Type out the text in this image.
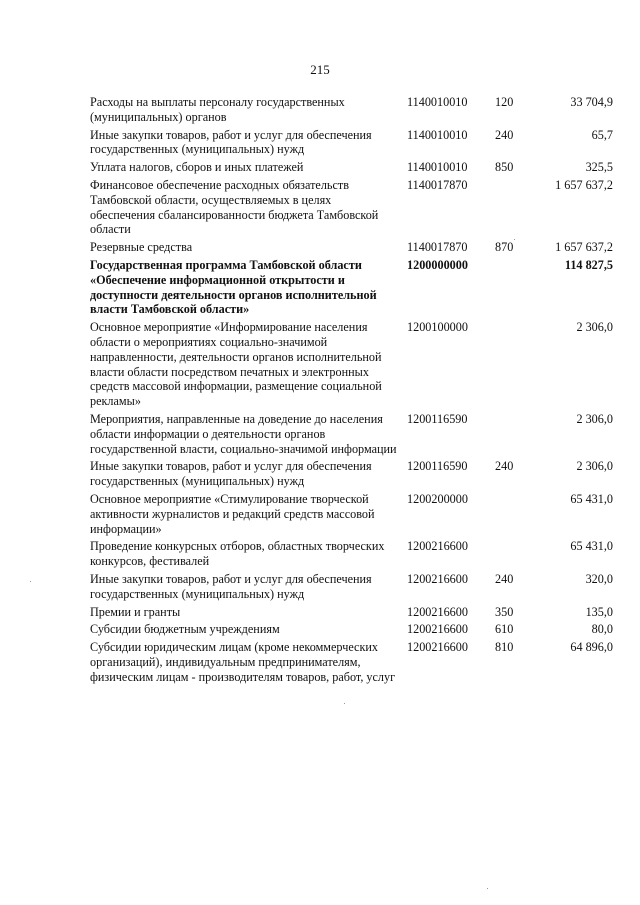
215
Расходы на выплаты персоналу государственных (муниципальных) органов	1140010010	120	33 704,9
Иные закупки товаров, работ и услуг для обеспечения государственных (муниципальных) нужд	1140010010	240	65,7
Уплата налогов, сборов и иных платежей	1140010010	850	325,5
Финансовое обеспечение расходных обязательств Тамбовской области, осуществляемых в целях обеспечения сбалансированности бюджета Тамбовской области	1140017870		1 657 637,2
Резервные средства	1140017870	870	1 657 637,2
Государственная программа Тамбовской области «Обеспечение информационной открытости и доступности деятельности органов исполнительной власти Тамбовской области»	1200000000		114 827,5
Основное мероприятие «Информирование населения области о мероприятиях социально-значимой направленности, деятельности органов исполнительной власти области посредством печатных и электронных средств массовой информации, размещение социальной рекламы»	1200100000		2 306,0
Мероприятия, направленные на доведение до населения области информации о деятельности органов государственной власти, социально-значимой информации	1200116590		2 306,0
Иные закупки товаров, работ и услуг для обеспечения государственных (муниципальных) нужд	1200116590	240	2 306,0
Основное мероприятие «Стимулирование творческой активности журналистов и редакций средств массовой информации»	1200200000		65 431,0
Проведение конкурсных отборов, областных творческих конкурсов, фестивалей	1200216600		65 431,0
Иные закупки товаров, работ и услуг для обеспечения государственных (муниципальных) нужд	1200216600	240	320,0
Премии и гранты	1200216600	350	135,0
Субсидии бюджетным учреждениям	1200216600	610	80,0
Субсидии юридическим лицам (кроме некоммерческих организаций), индивидуальным предпринимателям, физическим лицам - производителям товаров, работ, услуг	1200216600	810	64 896,0
